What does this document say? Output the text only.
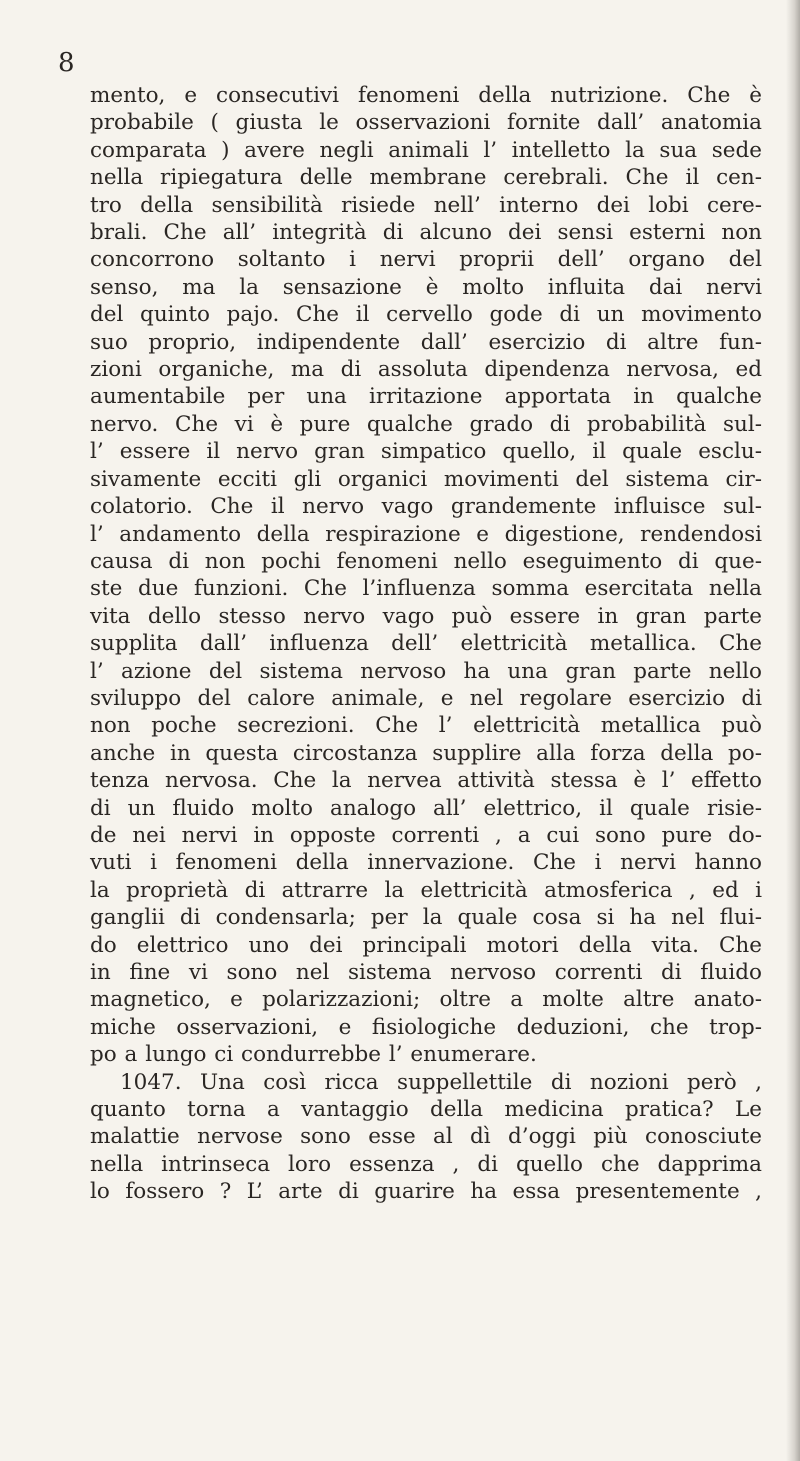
8
mento, e consecutivi fenomeni della nutrizione. Che è
probabile ( giusta le osservazioni fornite dall’ anatomia
comparata ) avere negli animali l’ intelletto la sua sede
nella ripiegatura delle membrane cerebrali. Che il cen-
tro della sensibilità risiede nell’ interno dei lobi cere-
brali. Che all’ integrità di alcuno dei sensi esterni non
concorrono soltanto i nervi proprii dell’ organo del
senso, ma la sensazione è molto influita dai nervi
del quinto pajo. Che il cervello gode di un movimento
suo proprio, indipendente dall’ esercizio di altre fun-
zioni organiche, ma di assoluta dipendenza nervosa, ed
aumentabile per una irritazione apportata in qualche
nervo. Che vi è pure qualche grado di probabilità sul-
l’ essere il nervo gran simpatico quello, il quale esclu-
sivamente ecciti gli organici movimenti del sistema cir-
colatorio. Che il nervo vago grandemente influisce sul-
l’ andamento della respirazione e digestione, rendendosi
causa di non pochi fenomeni nello eseguimento di que-
ste due funzioni. Che l’influenza somma esercitata nella
vita dello stesso nervo vago può essere in gran parte
supplita dall’ influenza dell’ elettricità metallica. Che
l’ azione del sistema nervoso ha una gran parte nello
sviluppo del calore animale, e nel regolare esercizio di
non poche secrezioni. Che l’ elettricità metallica può
anche in questa circostanza supplire alla forza della po-
tenza nervosa. Che la nervea attività stessa è l’ effetto
di un fluido molto analogo all’ elettrico, il quale risie-
de nei nervi in opposte correnti , a cui sono pure do-
vuti i fenomeni della innervazione. Che i nervi hanno
la proprietà di attrarre la elettricità atmosferica , ed i
ganglii di condensarla; per la quale cosa si ha nel flui-
do elettrico uno dei principali motori della vita. Che
in fine vi sono nel sistema nervoso correnti di fluido
magnetico, e polarizzazioni; oltre a molte altre anato-
miche osservazioni, e fisiologiche deduzioni, che trop-
po a lungo ci condurrebbe l’ enumerare.
1047. Una così ricca suppellettile di nozioni però ,
quanto torna a vantaggio della medicina pratica? Le
malattie nervose sono esse al dì d’oggi più conosciute
nella intrinseca loro essenza , di quello che dapprima
lo fossero ? L’ arte di guarire ha essa presentemente ,
